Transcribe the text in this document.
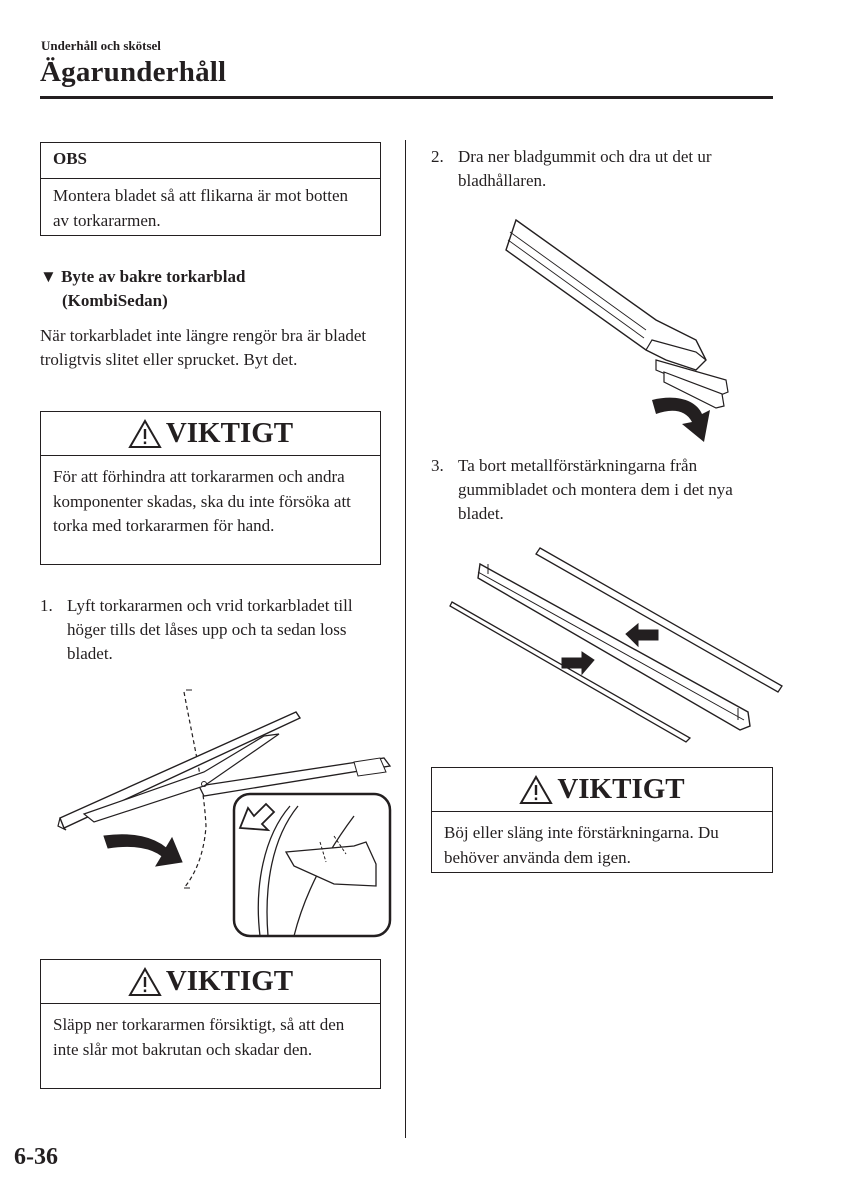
Underhåll och skötsel
Ägarunderhåll
OBS
Montera bladet så att flikarna är mot botten av torkararmen.
▼ Byte av bakre torkarblad
(KombiSedan)
När torkarbladet inte längre rengör bra är bladet troligtvis slitet eller sprucket. Byt det.
VIKTIGT
För att förhindra att torkararmen och andra komponenter skadas, ska du inte försöka att torka med torkararmen för hand.
1. Lyft torkararmen och vrid torkarbladet till höger tills det låses upp och ta sedan loss bladet.
VIKTIGT
Släpp ner torkararmen försiktigt, så att den inte slår mot bakrutan och skadar den.
2. Dra ner bladgummit och dra ut det ur bladhållaren.
3. Ta bort metallförstärkningarna från gummibladet och montera dem i det nya bladet.
VIKTIGT
Böj eller släng inte förstärkningarna. Du behöver använda dem igen.
6-36
